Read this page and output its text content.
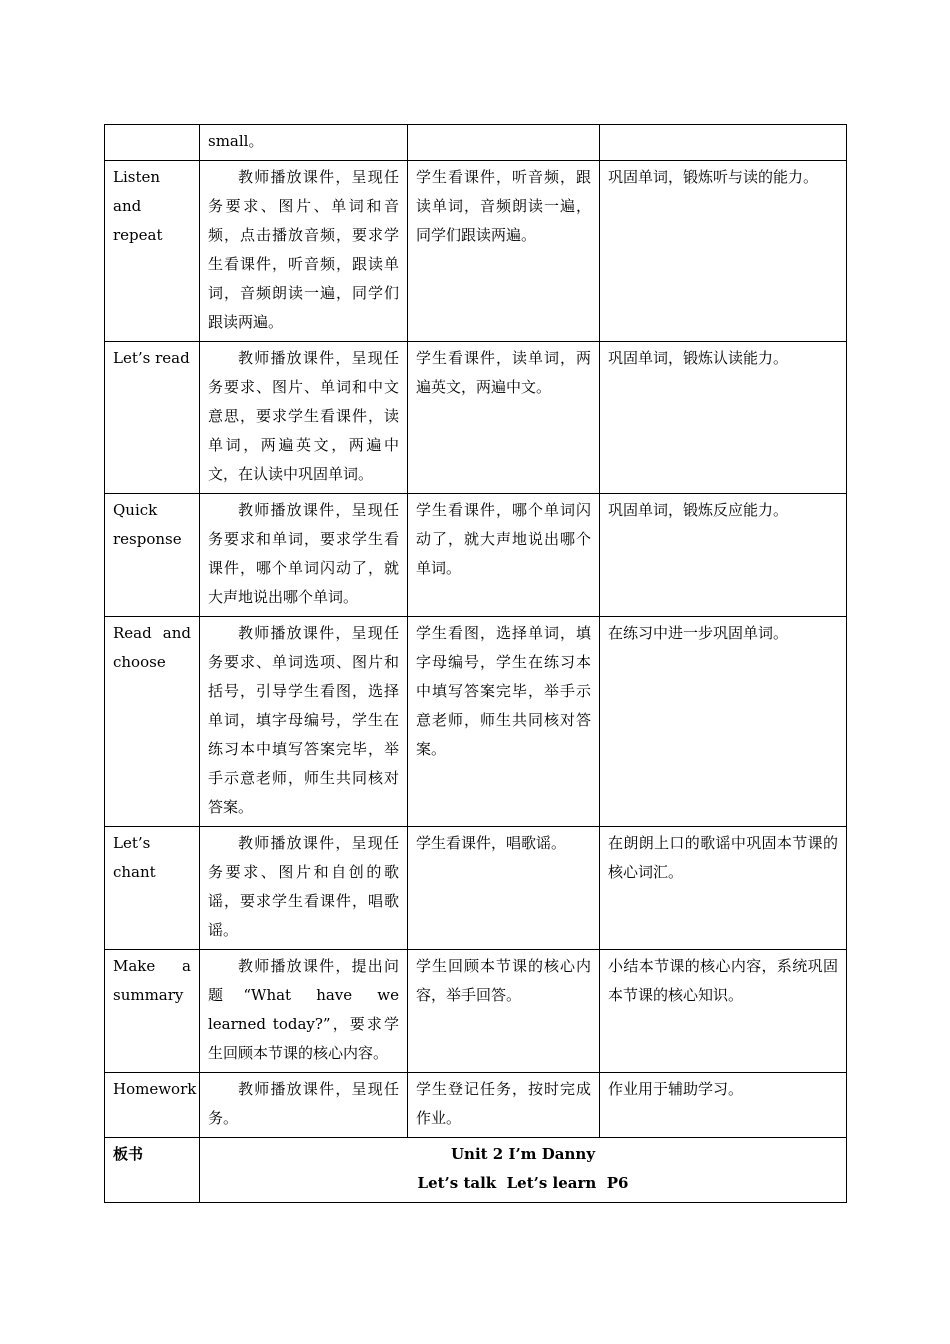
	small。		
Listen and repeat	教师播放课件，呈现任务要求、图片、单词和音频，点击播放音频，要求学生看课件，听音频，跟读单词，音频朗读一遍，同学们跟读两遍。	学生看课件，听音频，跟读单词，音频朗读一遍，同学们跟读两遍。	巩固单词，锻炼听与读的能力。
Let’s read	教师播放课件，呈现任务要求、图片、单词和中文意思，要求学生看课件，读单词，两遍英文，两遍中文，在认读中巩固单词。	学生看课件，读单词，两遍英文，两遍中文。	巩固单词，锻炼认读能力。
Quick response	教师播放课件，呈现任务要求和单词，要求学生看课件，哪个单词闪动了，就大声地说出哪个单词。	学生看课件，哪个单词闪动了，就大声地说出哪个单词。	巩固单词，锻炼反应能力。
Read and choose	教师播放课件，呈现任务要求、单词选项、图片和括号，引导学生看图，选择单词，填字母编号，学生在练习本中填写答案完毕，举手示意老师，师生共同核对答案。	学生看图，选择单词，填字母编号，学生在练习本中填写答案完毕，举手示意老师，师生共同核对答案。	在练习中进一步巩固单词。
Let’s chant	教师播放课件，呈现任务要求、图片和自创的歌谣，要求学生看课件，唱歌谣。	学生看课件，唱歌谣。	在朗朗上口的歌谣中巩固本节课的核心词汇。
Make a summary	教师播放课件，提出问题“What have we learned today?”，要求学生回顾本节课的核心内容。	学生回顾本节课的核心内容，举手回答。	小结本节课的核心内容，系统巩固本节课的核心知识。
Homework	教师播放课件，呈现任务。	学生登记任务，按时完成作业。	作业用于辅助学习。
板书	Unit 2 I’m Danny
Let’s talk  Let’s learn  P6		
